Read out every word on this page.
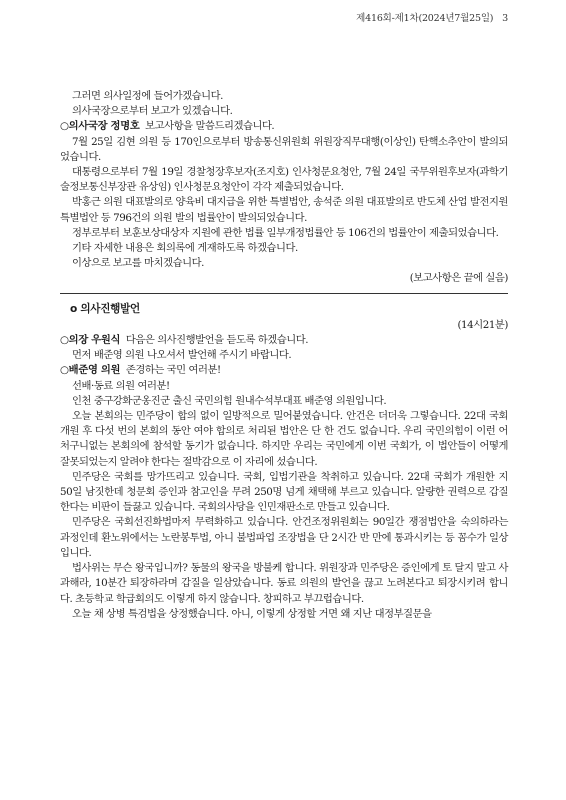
제416회-제1차(2024년7월25일) 3

그러면 의사일정에 들어가겠습니다.

의사국장으로부터 보고가 있겠습니다.

○의사국장 정명호 보고사항을 말씀드리겠습니다.

7월 25일 김현 의원 등 170인으로부터 방송통신위원회 위원장직무대행(이상인) 탄핵소추안이 발의되었습니다.

대통령으로부터 7월 19일 경찰청장후보자(조지호) 인사청문요청안, 7월 24일 국무위원후보자(과학기술정보통신부장관 유상임) 인사청문요청안이 각각 제출되었습니다.

박홍근 의원 대표발의로 양육비 대지급을 위한 특별법안, 송석준 의원 대표발의로 반도체 산업 발전지원 특별법안 등 796건의 의원 발의 법률안이 발의되었습니다.

정부로부터 보훈보상대상자 지원에 관한 법률 일부개정법률안 등 106건의 법률안이 제출되었습니다.

기타 자세한 내용은 회의록에 게재하도록 하겠습니다.

이상으로 보고를 마치겠습니다.

(보고사항은 끝에 실음)

o 의사진행발언

(14시21분)

○의장 우원식 다음은 의사진행발언을 듣도록 하겠습니다.

먼저 배준영 의원 나오셔서 발언해 주시기 바랍니다.

○배준영 의원 존경하는 국민 여러분!

선배·동료 의원 여러분!

인천 중구강화군옹진군 출신 국민의힘 원내수석부대표 배준영 의원입니다.

오늘 본회의는 민주당이 합의 없이 일방적으로 밀어붙였습니다. 안건은 더더욱 그렇습니다. 22대 국회 개원 후 다섯 번의 본회의 동안 여야 합의로 처리된 법안은 단 한 건도 없습니다. 우리 국민의힘이 이런 어처구니없는 본회의에 참석할 동기가 없습니다. 하지만 우리는 국민에게 이번 국회가, 이 법안들이 어떻게 잘못되었는지 알려야 한다는 절박감으로 이 자리에 섰습니다.

민주당은 국회를 망가뜨리고 있습니다. 국회, 입법기관을 착취하고 있습니다. 22대 국회가 개원한 지 50일 남짓한데 청문회 증인과 참고인을 무려 250명 넘게 채택해 부르고 있습니다. 알량한 권력으로 갑질한다는 비판이 들끓고 있습니다. 국회의사당을 인민재판소로 만들고 있습니다.

민주당은 국회선진화법마저 무력화하고 있습니다. 안건조정위원회는 90일간 쟁점법안을 숙의하라는 과정인데 환노위에서는 노란봉투법, 아니 불법파업 조장법을 단 2시간 반 만에 통과시키는 등 꼼수가 일상입니다.

법사위는 무슨 왕국입니까? 동물의 왕국을 방불케 합니다. 위원장과 민주당은 증인에게 토 달지 말고 사과해라, 10분간 퇴장하라며 갑질을 일삼았습니다. 동료 의원의 발언을 끊고 노려본다고 퇴장시키려 합니다. 초등학교 학급회의도 이렇게 하지 않습니다. 창피하고 부끄럽습니다.

오늘 채 상병 특검법을 상정했습니다. 아니, 이렇게 상정할 거면 왜 지난 대정부질문을
